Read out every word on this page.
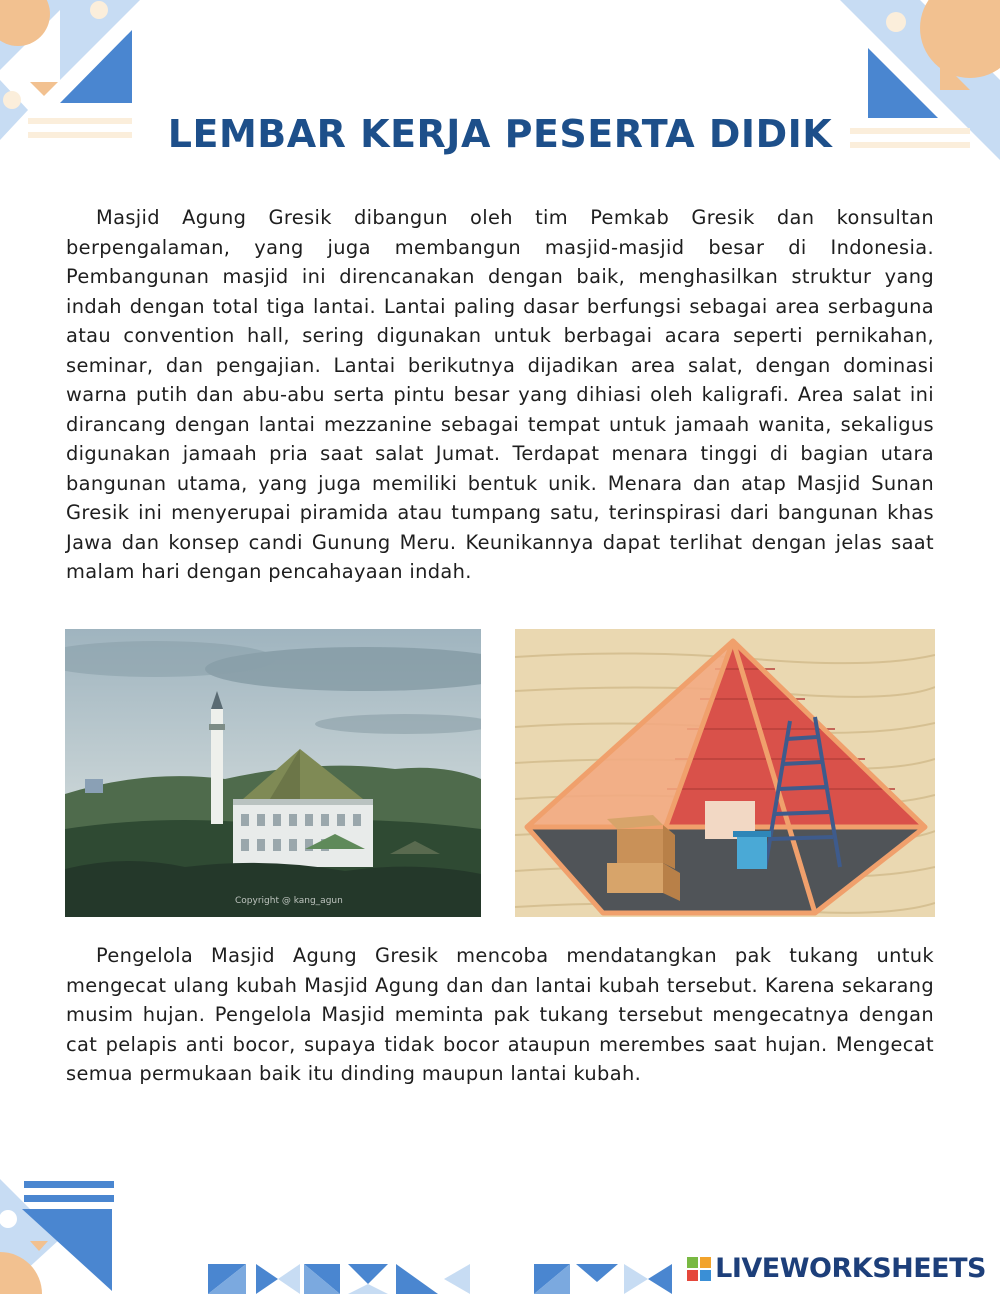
LEMBAR KERJA PESERTA DIDIK

Masjid Agung Gresik dibangun oleh tim Pemkab Gresik dan konsultan berpengalaman, yang juga membangun masjid-masjid besar di Indonesia. Pembangunan masjid ini direncanakan dengan baik, menghasilkan struktur yang indah dengan total tiga lantai. Lantai paling dasar berfungsi sebagai area serbaguna atau convention hall, sering digunakan untuk berbagai acara seperti pernikahan, seminar, dan pengajian. Lantai berikutnya dijadikan area salat, dengan dominasi warna putih dan abu-abu serta pintu besar yang dihiasi oleh kaligrafi. Area salat ini dirancang dengan lantai mezzanine sebagai tempat untuk jamaah wanita, sekaligus digunakan jamaah pria saat salat Jumat. Terdapat menara tinggi di bagian utara bangunan utama, yang juga memiliki bentuk unik. Menara dan atap Masjid Sunan Gresik ini menyerupai piramida atau tumpang satu, terinspirasi dari bangunan khas Jawa dan konsep candi Gunung Meru. Keunikannya dapat terlihat dengan jelas saat malam hari dengan pencahayaan indah.

Copyright @ kang_agun

Pengelola Masjid Agung Gresik mencoba mendatangkan pak tukang untuk mengecat ulang kubah Masjid Agung dan dan lantai kubah tersebut. Karena sekarang musim hujan. Pengelola Masjid meminta pak tukang tersebut mengecatnya dengan cat pelapis anti bocor, supaya tidak bocor ataupun merembes saat hujan. Mengecat semua permukaan baik itu dinding maupun lantai kubah.

LIVEWORKSHEETS
